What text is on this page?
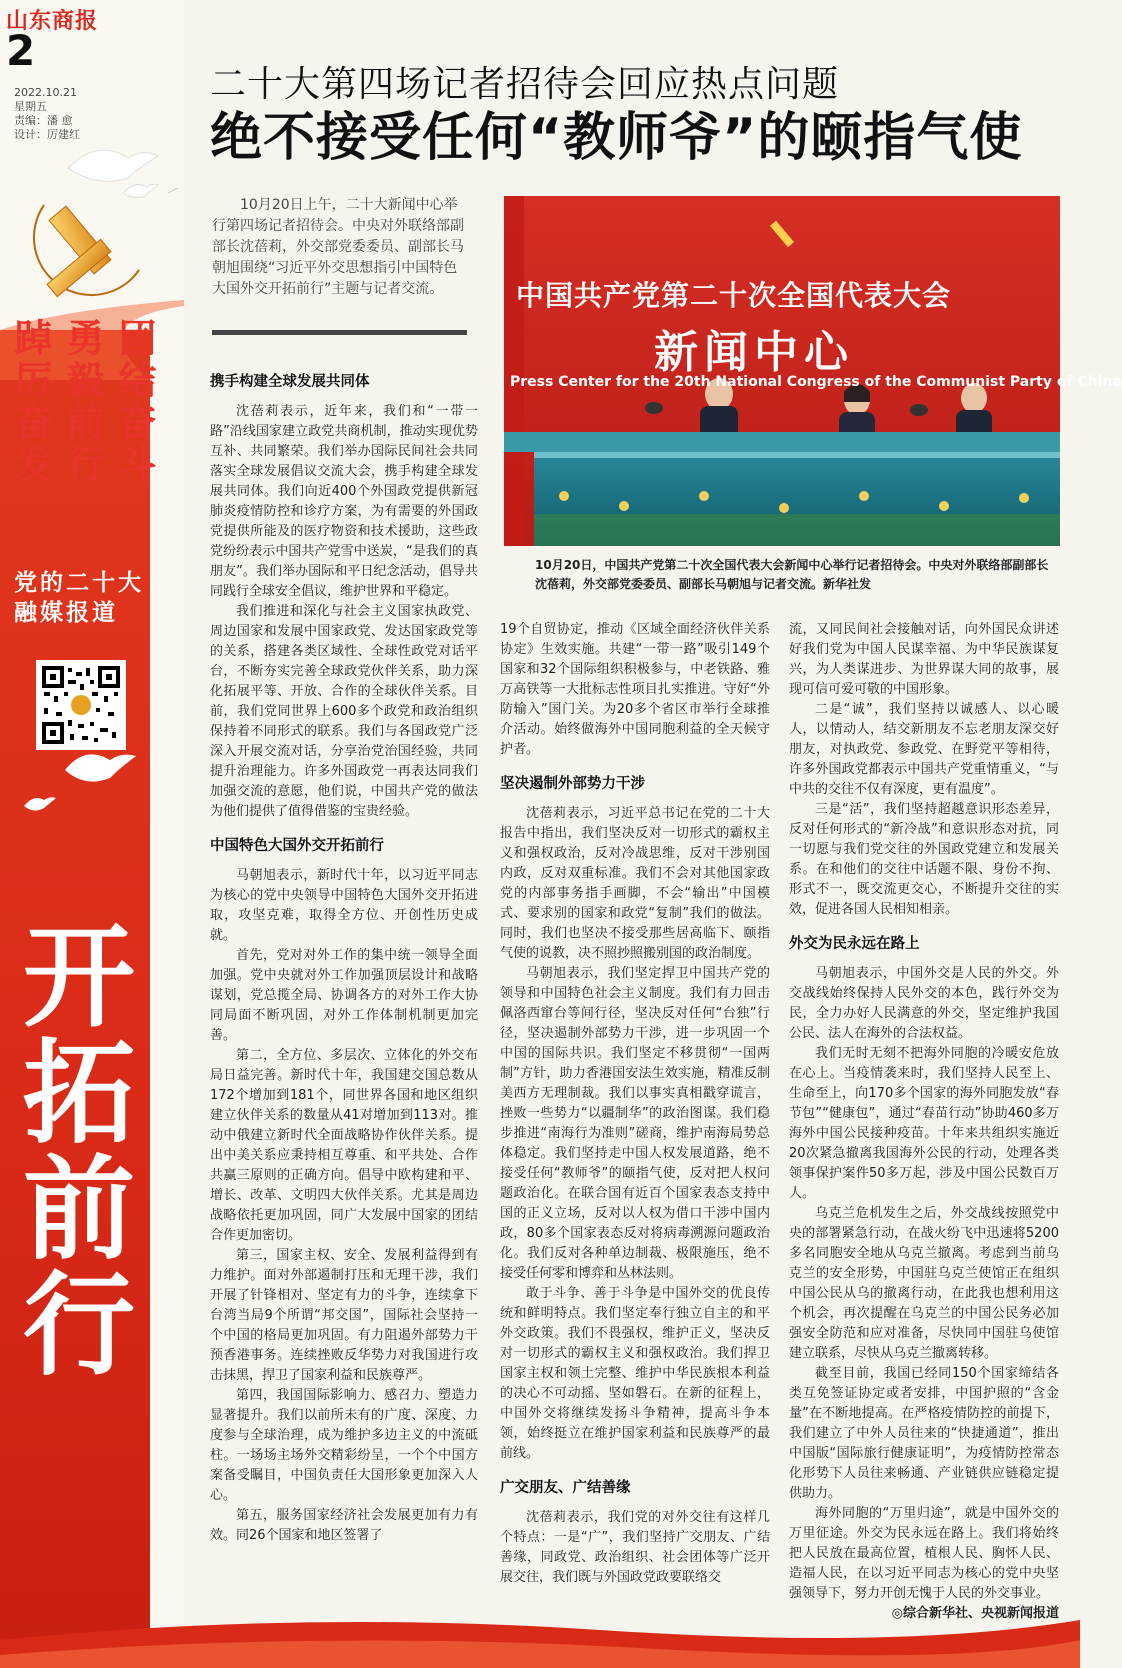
山东商报
2
2022.10.21
星期五
责编：潘 愈
设计：厉建红
团结奋斗
勇毅前行
踔厉奋发
党的二十大
融媒报道
开拓前行
二十大第四场记者招待会回应热点问题
绝不接受任何“教师爷”的颐指气使
10月20日上午，二十大新闻中心举行第四场记者招待会。中央对外联络部副部长沈蓓莉，外交部党委委员、副部长马朝旭围绕“习近平外交思想指引中国特色大国外交开拓前行”主题与记者交流。	中国共产党第二十次全国代表大会
新闻中心
Press Center for the 20th National Congress of the Communist Party of China
10月20日，中国共产党第二十次全国代表大会新闻中心举行记者招待会。中央对外联络部副部长沈蓓莉，外交部党委委员、副部长马朝旭与记者交流。新华社发
携手构建全球发展共同体

沈蓓莉表示，近年来，我们和“一带一路”沿线国家建立政党共商机制，推动实现优势互补、共同繁荣。我们举办国际民间社会共同落实全球发展倡议交流大会，携手构建全球发展共同体。我们向近400个外国政党提供新冠肺炎疫情防控和诊疗方案，为有需要的外国政党提供所能及的医疗物资和技术援助，这些政党纷纷表示中国共产党雪中送炭，“是我们的真朋友”。我们举办国际和平日纪念活动，倡导共同践行全球安全倡议，维护世界和平稳定。

我们推进和深化与社会主义国家执政党、周边国家和发展中国家政党、发达国家政党等的关系，搭建各类区域性、全球性政党对话平台，不断夯实完善全球政党伙伴关系，助力深化拓展平等、开放、合作的全球伙伴关系。目前，我们党同世界上600多个政党和政治组织保持着不同形式的联系。我们与各国政党广泛深入开展交流对话，分享治党治国经验，共同提升治理能力。许多外国政党一再表达同我们加强交流的意愿，他们说，中国共产党的做法为他们提供了值得借鉴的宝贵经验。

中国特色大国外交开拓前行

马朝旭表示，新时代十年，以习近平同志为核心的党中央领导中国特色大国外交开拓进取，攻坚克难，取得全方位、开创性历史成就。

首先，党对对外工作的集中统一领导全面加强。党中央就对外工作加强顶层设计和战略谋划，党总揽全局、协调各方的对外工作大协同局面不断巩固，对外工作体制机制更加完善。

第二，全方位、多层次、立体化的外交布局日益完善。新时代十年，我国建交国总数从172个增加到181个，同世界各国和地区组织建立伙伴关系的数量从41对增加到113对。推动中俄建立新时代全面战略协作伙伴关系。提出中美关系应秉持相互尊重、和平共处、合作共赢三原则的正确方向。倡导中欧构建和平、增长、改革、文明四大伙伴关系。尤其是周边战略依托更加巩固，同广大发展中国家的团结合作更加密切。

第三，国家主权、安全、发展利益得到有力维护。面对外部遏制打压和无理干涉，我们开展了针锋相对、坚定有力的斗争，连续拿下台湾当局9个所谓“邦交国”，国际社会坚持一个中国的格局更加巩固。有力阻遏外部势力干预香港事务。连续挫败反华势力对我国进行攻击抹黑，捍卫了国家利益和民族尊严。

第四，我国国际影响力、感召力、塑造力显著提升。我们以前所未有的广度、深度、力度参与全球治理，成为维护多边主义的中流砥柱。一场场主场外交精彩纷呈，一个个中国方案备受瞩目，中国负责任大国形象更加深入人心。

第五，服务国家经济社会发展更加有力有效。同26个国家和地区签署了

19个自贸协定，推动《区域全面经济伙伴关系协定》生效实施。共建“一带一路”吸引149个国家和32个国际组织积极参与，中老铁路、雅万高铁等一大批标志性项目扎实推进。守好“外防输入”国门关。为20多个省区市举行全球推介活动。始终做海外中国同胞利益的全天候守护者。

坚决遏制外部势力干涉

沈蓓莉表示，习近平总书记在党的二十大报告中指出，我们坚决反对一切形式的霸权主义和强权政治，反对冷战思维，反对干涉别国内政，反对双重标准。我们不会对其他国家政党的内部事务指手画脚，不会“输出”中国模式、要求别的国家和政党“复制”我们的做法。同时，我们也坚决不接受那些居高临下、颐指气使的说教，决不照抄照搬别国的政治制度。

马朝旭表示，我们坚定捍卫中国共产党的领导和中国特色社会主义制度。我们有力回击佩洛西窜台等间行径，坚决反对任何“台独”行径，坚决遏制外部势力干涉，进一步巩固一个中国的国际共识。我们坚定不移贯彻“一国两制”方针，助力香港国安法生效实施，精准反制美西方无理制裁。我们以事实真相戳穿谎言，挫败一些势力“以疆制华”的政治图谋。我们稳步推进“南海行为准则”磋商，维护南海局势总体稳定。我们坚持走中国人权发展道路，绝不接受任何“教师爷”的颐指气使，反对把人权问题政治化。在联合国有近百个国家表态支持中国的正义立场，反对以人权为借口干涉中国内政，80多个国家表态反对将病毒溯源问题政治化。我们反对各种单边制裁、极限施压，绝不接受任何零和博弈和丛林法则。

敢于斗争、善于斗争是中国外交的优良传统和鲜明特点。我们坚定奉行独立自主的和平外交政策。我们不畏强权，维护正义，坚决反对一切形式的霸权主义和强权政治。我们捍卫国家主权和领土完整、维护中华民族根本利益的决心不可动摇、坚如磐石。在新的征程上，中国外交将继续发扬斗争精神，提高斗争本领，始终挺立在维护国家利益和民族尊严的最前线。

广交朋友、广结善缘

沈蓓莉表示，我们党的对外交往有这样几个特点：一是“广”，我们坚持广交朋友、广结善缘，同政党、政治组织、社会团体等广泛开展交往，我们既与外国政党政要联络交

流，又同民间社会接触对话，向外国民众讲述好我们党为中国人民谋幸福、为中华民族谋复兴，为人类谋进步、为世界谋大同的故事，展现可信可爱可敬的中国形象。

二是“诚”，我们坚持以诚感人、以心暖人，以情动人，结交新朋友不忘老朋友深交好朋友，对执政党、参政党、在野党平等相待，许多外国政党都表示中国共产党重情重义，“与中共的交往不仅有深度，更有温度”。

三是“活”，我们坚持超越意识形态差异，反对任何形式的“新冷战”和意识形态对抗，同一切愿与我们党交往的外国政党建立和发展关系。在和他们的交往中话题不限、身份不拘、形式不一，既交流更交心，不断提升交往的实效，促进各国人民相知相亲。

外交为民永远在路上

马朝旭表示，中国外交是人民的外交。外交战线始终保持人民外交的本色，践行外交为民，全力办好人民满意的外交，坚定维护我国公民、法人在海外的合法权益。

我们无时无刻不把海外同胞的冷暖安危放在心上。当疫情袭来时，我们坚持人民至上、生命至上，向170多个国家的海外同胞发放“春节包”“健康包”，通过“春苗行动”协助460多万海外中国公民接种疫苗。十年来共组织实施近20次紧急撤离我国海外公民的行动，处理各类领事保护案件50多万起，涉及中国公民数百万人。

乌克兰危机发生之后，外交战线按照党中央的部署紧急行动，在战火纷飞中迅速将5200多名同胞安全地从乌克兰撤离。考虑到当前乌克兰的安全形势，中国驻乌克兰使馆正在组织中国公民从乌的撤离行动，在此我也想利用这个机会，再次提醒在乌克兰的中国公民务必加强安全防范和应对准备，尽快同中国驻乌使馆建立联系，尽快从乌克兰撤离转移。

截至目前，我国已经同150个国家缔结各类互免签证协定或者安排，中国护照的“含金量”在不断地提高。在严格疫情防控的前提下，我们建立了中外人员往来的“快捷通道”，推出中国版“国际旅行健康证明”，为疫情防控常态化形势下人员往来畅通、产业链供应链稳定提供助力。

海外同胞的“万里归途”，就是中国外交的万里征途。外交为民永远在路上。我们将始终把人民放在最高位置，植根人民、胸怀人民、造福人民，在以习近平同志为核心的党中央坚强领导下，努力开创无愧于人民的外交事业。

◎综合新华社、央视新闻报道
